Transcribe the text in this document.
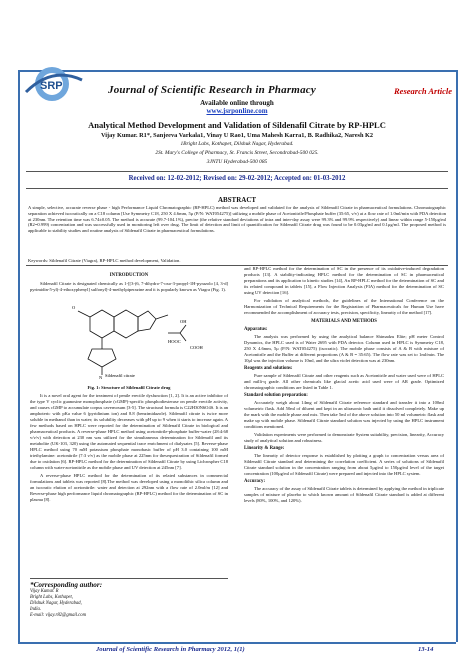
SRP	Journal of Scientific Research in Pharmacy	Research Article
Available online through
www.jsrponline.com
Analytical Method Development and Validation of Sildenafil Citrate by RP-HPLC
Vijay Kumar. R1*, Sanjeeva Varkala1, Vinay U Rao1, Uma Mahesh Karra1, B. Radhika2, Naresh K2
1Bright Labs, Kothapet, Dilshuk Nagar, Hyderabad.
2St. Mary's College of Pharmacy, St. Francis Street, Secondrabad-500 025.
3JNTU Hyderabad-500 085
Received on: 12-02-2012; Revised on: 29-02-2012; Accepted on: 01-03-2012
ABSTRACT
A simple, selective, accurate reverse phase - high Performance Liquid Chromatographic (RP-HPLC) method was developed and validated for the analysis of Sildenafil Citrate in pharmaceutical formulations. Chromatographic separation achieved isocratically on a C18 column [Use Symmetry C18, 250 X 4.6mm, 5μ (P/N: WAT054275)] utilizing a mobile phase of Acetonitrile/Phosphate buffer (35:65, v/v) at a flow rate of 1.0ml/min with PDA detection at 230nm. The retention time was 6.74±0.05. The method is accurate (99.7-104.1%), precise (the relative standard deviations of intra and inter-day assay were 99.3% and 99.9% respectively) and linear within range 5-150μg/ml (R2=0.999) concentration and was successfully used in monitoring left over drug. The limit of detection and limit of quantification for Sildenafil Citrate drug was found to be 0.03μg/ml and 0.1μg/ml. The proposed method is applicable to stability studies and routine analysis of Sildenafil Citrate in pharmaceutical formulations.
Keywords: Sildenafil Citrate (Viagra), RP-HPLC method development, Validation.
INTRODUCTION

Sildenafil Citrate is designated chemically as 1-[[3-(6, 7-dihydro-7-oxo-3-propyl-1H-pyrazolo [4, 3-d] pyrimidin-5-yl)-4-ethoxyphenyl] sulfonyl]-4-methylpiperazine and it is popularly known as Viagra (Fig. 1).

HOOC
COOH
OH
O
N Sildenafil citrate
Fig. 1: Structure of Sildenafil Citrate drug

It is a novel oral agent for the treatment of penile erectile dysfunction [1, 2]. It is an active inhibitor of the type V cyclic guanosine monophosphate (cGMP)-specific phosphodiesterase on penile erectile activity, and causes cGMP to accumulate corpus cavernosum [3-5]. The structural formula is C22H30N6O4S. It is an amphoteric with pKa value 6 (pyridinium ion) and 8.8 (benzimidazole). Sildenafil citrate is twice more soluble in methanol than in water; its solubility decreases with pH up to 9 when it starts to increase again. A few methods based on HPLC were reported for the determination of Sildenafil Citrate in biological and pharmaceutical products. A reverse-phase HPLC method using acetonitrile-phosphate buffer-water (28:4:68 v/v/v) with detection at 230 nm was utilized for the simultaneous determination for Sildenafil and its metabolite (UK-103, 320) using the automated sequential trace enrichment of dialysates [5]. Reverse-phase HPLC method using 70 mM potassium phosphate monobasic buffer of pH 3.0 containing 100 mM triethylamine: acetonitrile (7:3 v/v) as the mobile phase at 225nm for thesequestration of Sildenafil formed due to oxidation [6]. RP-HPLC method for the determination of Sildenafil Citrate by using Lichrospher C18 column with water-acetonitrile as the mobile phase and UV detection at 245nm [7].

A reverse-phase HPLC method for the determination of its related substances in commercial formulations and tablets was reported [8].The method was developed using a monolithic silica column and an isocratic elution of acetonitrile: water and detection at 292nm with a flow rate of 2.0ml/m [12] and Reverse-phase high performance liquid chromatographic (RP-HPLC) method for the determination of SC in plasma [8].

*Corresponding author:
Vijay Kumar. R
Bright Labs, Kothapet,
Dilshuk Nagar, Hyderabad,
India.
E-mail: vijay.r82@gmail.com

and RP-HPLC method for the determination of SC in the presence of its oxidative-induced degradation products [13]. A stability-indicating HPLC method for the determination of SC in pharmaceutical preparations and its application to kinetic studies [14], An RP-HPLC method for the determination of SC and its related compound in tablets [15], a Flow Injection Analysis (FIA) method for the determination of SC using UV detection [16].

For validation of analytical methods, the guidelines of the International Conference on the Harmonization of Technical Requirements for the Registration of Pharmaceuticals for Human Use have recommended the accomplishment of accuracy tests, precision, specificity, linearity of the method [17].

MATERIALS AND METHODS
Apparatus:

The analysis was performed by using the analytical balance Shimadzu Elite; pH meter Control Dynamics, the HPLC used is of Water 2695 with PDA detector. Column used in HPLC is Symmetry C18, 250 X 4.6mm, 5μ (P/N: WAT054275) (isocratic). The mobile phase consists of A & B with mixture of Acetonitrile and the Buffer at different proportions (A & B = 35:65). The flow rate was set to 1ml/min. The 10μl was the injection volume is 10ml, and the ultra violet detection was at 230nm.

Reagents and solutions:

Pure sample of Sildenafil Citrate and other reagents such as Acetonitrile and water used were of HPLC and milli-q grade. All other chemicals like glacial acetic acid used were of AR grade. Optimized chromatographic conditions are listed in Table 1.

Standard solution preparation:

Accurately weigh about 14mg of Sildenafil Citrate reference standard and transfer it into a 100ml volumetric flask. Add 50ml of diluent and kept in an ultrasonic bath until it dissolved completely. Make up the mark with the mobile phase and mix. Then take 5ml of the above solution into 50 ml volumetric flask and make up with mobile phase. Sildenafil Citrate standard solution was injected by using the HPLC instrument conditions mentioned.

Validation experiments were performed to demonstrate System suitability, precision, linearity, Accuracy study of analytical solution and robustness.

Linearity & Range:

The linearity of detector response is established by plotting a graph to concentration versus area of Sildenafil Citrate standard and determining the correlation coefficient. A series of solutions of Sildenafil Citrate standard solution in the concentration ranging from about 5μg/ml to 150μg/ml level of the target concentration (100μg/ml of Sildenafil Citrate) were prepared and injected into the HPLC system.

Accuracy:

The accuracy of the assay of Sildenafil Citrate tablets is determined by applying the method in triplicate samples of mixture of placebo to which known amount of Sildenafil Citrate standard is added at different levels (80%, 100%, and 120%).

Journal of Scientific Research in Pharmacy 2012, 1(1)	13-14
